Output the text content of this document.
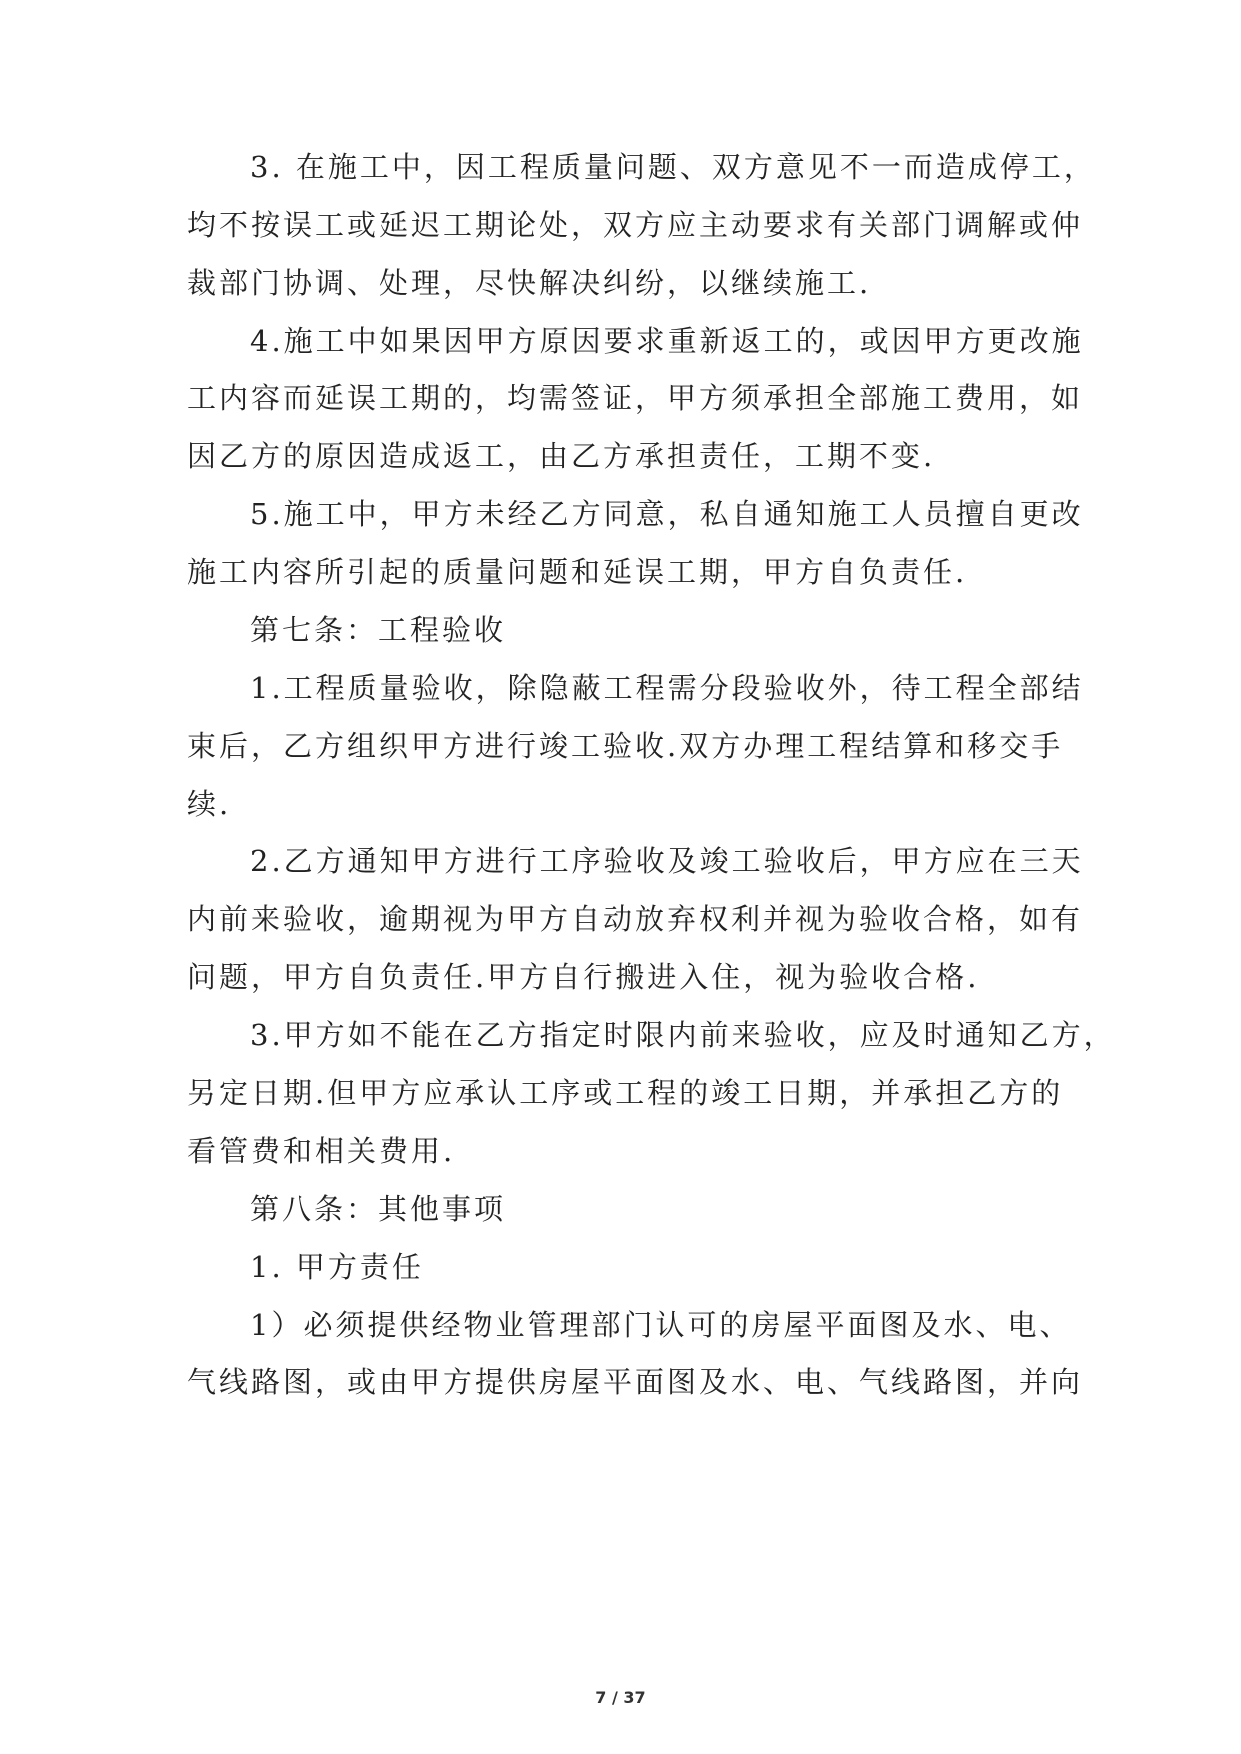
3. 在施工中，因工程质量问题、双方意见不一而造成停工，
均不按误工或延迟工期论处，双方应主动要求有关部门调解或仲
裁部门协调、处理，尽快解决纠纷，以继续施工.
4.施工中如果因甲方原因要求重新返工的，或因甲方更改施
工内容而延误工期的，均需签证，甲方须承担全部施工费用，如
因乙方的原因造成返工，由乙方承担责任，工期不变.
5.施工中，甲方未经乙方同意，私自通知施工人员擅自更改
施工内容所引起的质量问题和延误工期，甲方自负责任.
第七条：工程验收
1.工程质量验收，除隐蔽工程需分段验收外，待工程全部结
束后，乙方组织甲方进行竣工验收.双方办理工程结算和移交手
续.
2.乙方通知甲方进行工序验收及竣工验收后，甲方应在三天
内前来验收，逾期视为甲方自动放弃权利并视为验收合格，如有
问题，甲方自负责任.甲方自行搬进入住，视为验收合格.
3.甲方如不能在乙方指定时限内前来验收，应及时通知乙方，
另定日期.但甲方应承认工序或工程的竣工日期，并承担乙方的
看管费和相关费用.
第八条：其他事项
1. 甲方责任
1）必须提供经物业管理部门认可的房屋平面图及水、电、
气线路图，或由甲方提供房屋平面图及水、电、气线路图，并向
7 / 37
